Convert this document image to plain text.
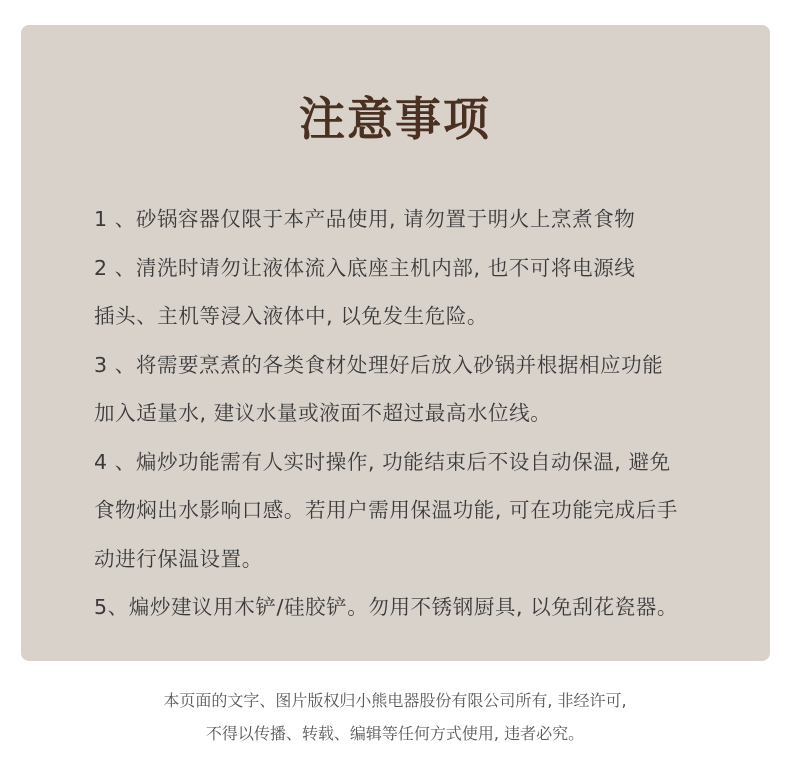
注意事项
1 、砂锅容器仅限于本产品使用, 请勿置于明火上烹煮食物
2 、清洗时请勿让液体流入底座主机内部, 也不可将电源线
插头、主机等浸入液体中, 以免发生危险。
3 、将需要烹煮的各类食材处理好后放入砂锅并根据相应功能
加入适量水, 建议水量或液面不超过最高水位线。
4 、煸炒功能需有人实时操作, 功能结束后不设自动保温, 避免
食物焖出水影响口感。若用户需用保温功能, 可在功能完成后手
动进行保温设置。
5、煸炒建议用木铲/硅胶铲。勿用不锈钢厨具, 以免刮花瓷器。
本页面的文字、图片版权归小熊电器股份有限公司所有, 非经许可,
不得以传播、转载、编辑等任何方式使用, 违者必究。
